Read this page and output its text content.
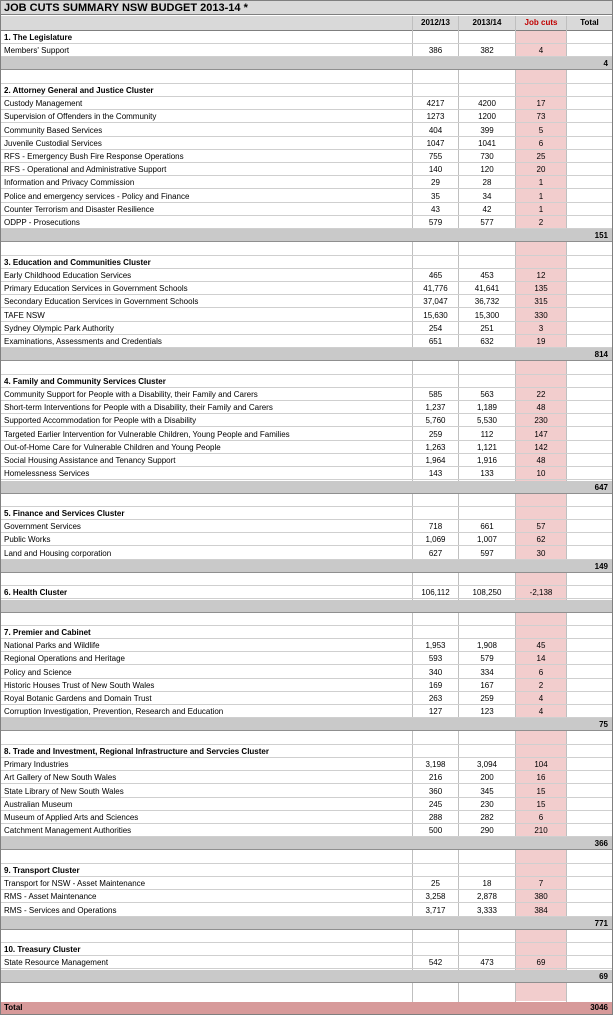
JOB CUTS SUMMARY NSW BUDGET 2013-14 *
2012/13	2013/14	Job cuts	Total
1. The Legislature
Members' Support	386	382	4
4
2. Attorney General and Justice Cluster
Custody Management	4217	4200	17
Supervision of Offenders in the Community	1273	1200	73
Community Based Services	404	399	5
Juvenile Custodial Services	1047	1041	6
RFS - Emergency Bush Fire Response Operations	755	730	25
RFS - Operational and Administrative Support	140	120	20
Information and Privacy Commission	29	28	1
Police and emergency services - Policy and Finance	35	34	1
Counter Terrorism and Disaster Resilience	43	42	1
ODPP - Prosecutions	579	577	2
151
3. Education and Communities Cluster
Early Childhood Education Services	465	453	12
Primary Education Services in Government Schools	41,776	41,641	135
Secondary Education Services in Government Schools	37,047	36,732	315
TAFE NSW	15,630	15,300	330
Sydney Olympic Park Authority	254	251	3
Examinations, Assessments and Credentials	651	632	19
814
4. Family and Community Services Cluster
Community Support for People with a Disability, their Family and Carers	585	563	22
Short-term Interventions for People with a Disability, their Family and Carers	1,237	1,189	48
Supported Accommodation for People with a Disability	5,760	5,530	230
Targeted Earlier Intervention for Vulnerable Children, Young People and Families	259	112	147
Out-of-Home Care for Vulnerable Children and Young People	1,263	1,121	142
Social Housing Assistance and Tenancy Support	1,964	1,916	48
Homelessness Services	143	133	10
647
5. Finance and Services Cluster
Government Services	718	661	57
Public Works	1,069	1,007	62
Land and Housing corporation	627	597	30
149
6. Health Cluster	106,112	108,250	-2,138
7. Premier and Cabinet
National Parks and Wildlife	1,953	1,908	45
Regional Operations and Heritage	593	579	14
Policy and Science	340	334	6
Historic Houses Trust of New South Wales	169	167	2
Royal Botanic Gardens and Domain Trust	263	259	4
Corruption Investigation, Prevention, Research and Education	127	123	4
75
8. Trade and Investment, Regional Infrastructure and Servcies Cluster
Primary Industries	3,198	3,094	104
Art Gallery of New South Wales	216	200	16
State Library of New South Wales	360	345	15
Australian Museum	245	230	15
Museum of Applied Arts and Sciences	288	282	6
Catchment Management Authorities	500	290	210
366
9. Transport Cluster
Transport for NSW - Asset Maintenance	25	18	7
RMS - Asset Maintenance	3,258	2,878	380
RMS - Services and Operations	3,717	3,333	384
771
10. Treasury Cluster
State Resource Management	542	473	69
69
Total	3046
